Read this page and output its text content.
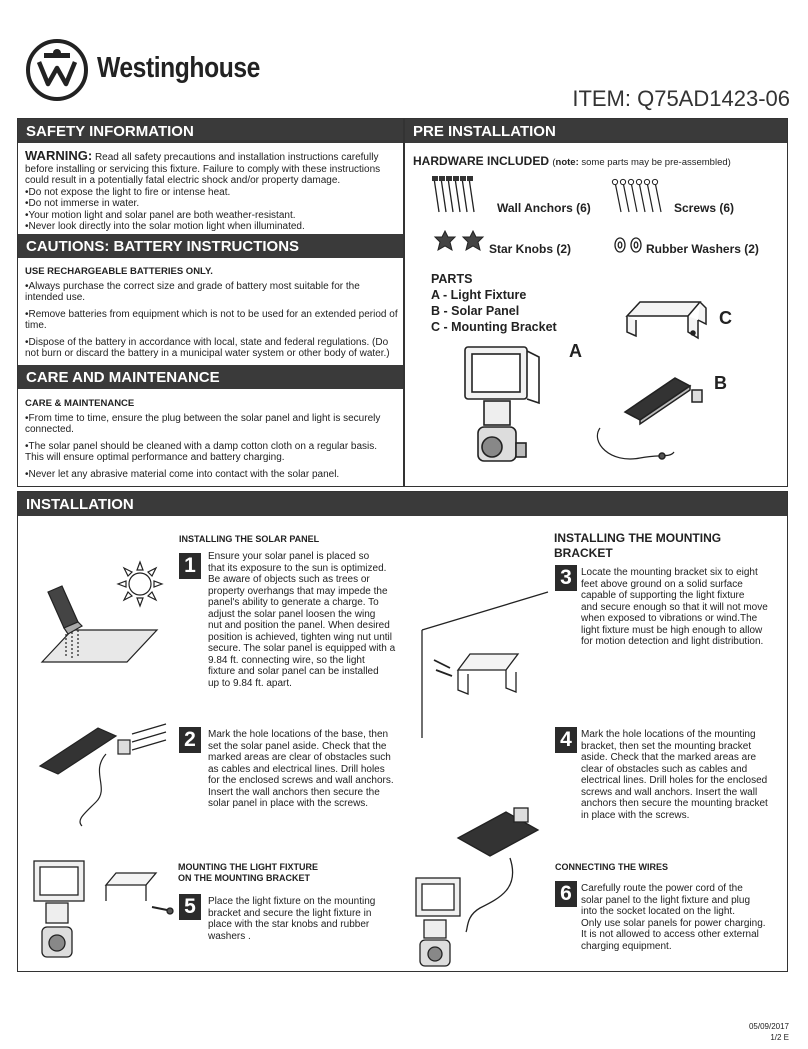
Westinghouse
ITEM: Q75AD1423-06
SAFETY INFORMATION
WARNING: Read all safety precautions and installation instructions carefully before installing or servicing this fixture. Failure to comply with these instructions could result in a potentially fatal electric shock and/or property damage.
•Do not expose the light to fire or intense heat.
•Do not immerse in water.
•Your motion light and solar panel are both weather-resistant.
•Never look directly into the solar motion light when illuminated.
CAUTIONS: BATTERY INSTRUCTIONS
USE RECHARGEABLE BATTERIES ONLY.

•Always purchase the correct size and grade of battery most suitable for the intended use.

•Remove batteries from equipment which is not to be used for an extended period of time.

•Dispose of the battery in accordance with local, state and federal regulations. (Do not burn or discard the battery in a municipal water system or other body of water.)

CARE AND MAINTENANCE
CARE & MAINTENANCE

•From time to time, ensure the plug between the solar panel and light is securely connected.

•The solar panel should be cleaned with a damp cotton cloth on a regular basis. This will ensure optimal performance and battery charging.

•Never let any abrasive material come into contact with the solar panel.

PRE INSTALLATION
HARDWARE INCLUDED (note: some parts may be pre-assembled)
Wall Anchors (6)	Screws (6)
Star Knobs (2)	Rubber Washers (2)
PARTS
A - Light Fixture
B - Solar Panel
C - Mounting Bracket
A
C
B
INSTALLATION
INSTALLING THE SOLAR PANEL	INSTALLING THE MOUNTING
BRACKET
MOUNTING THE LIGHT FIXTURE
ON THE MOUNTING BRACKET
CONNECTING THE WIRES
1	Ensure your solar panel is placed so
that its exposure to the sun is optimized.
Be aware of objects such as trees or
property overhangs that may impede the
panel's ability to generate a charge. To
adjust the solar panel loosen the wing
nut and position the panel. When desired
position is achieved, tighten wing nut until
secure. The solar panel is equipped with a
9.84 ft. connecting wire, so the light
fixture and solar panel can be installed
up to 9.84 ft. apart.
2	Mark the hole locations of the base, then
set the solar panel aside. Check that the
marked areas are clear of obstacles such
as cables and electrical lines. Drill holes
for the enclosed screws and wall anchors.
Insert the wall anchors then secure the
solar panel in place with the screws.
3 Locate the mounting bracket six to eight
feet above ground on a solid surface
capable of supporting the light fixture
and secure enough so that it will not move
when exposed to vibrations or wind.The
light fixture must be high enough to allow
for motion detection and light distribution.
4 Mark the hole locations of the mounting
bracket, then set the mounting bracket
aside. Check that the marked areas are
clear of obstacles such as cables and
electrical lines. Drill holes for the enclosed
screws and wall anchors. Insert the wall
anchors then secure the mounting bracket
in place with the screws.
5	Place the light fixture on the mounting
bracket and secure the light fixture in
place with the star knobs and rubber
washers .
6 Carefully route the power cord of the
solar panel to the light fixture and plug
into the socket located on the light.
Only use solar panels for power charging.
It is not allowed to access other external
charging equipment.
05/09/2017
1/2 E
